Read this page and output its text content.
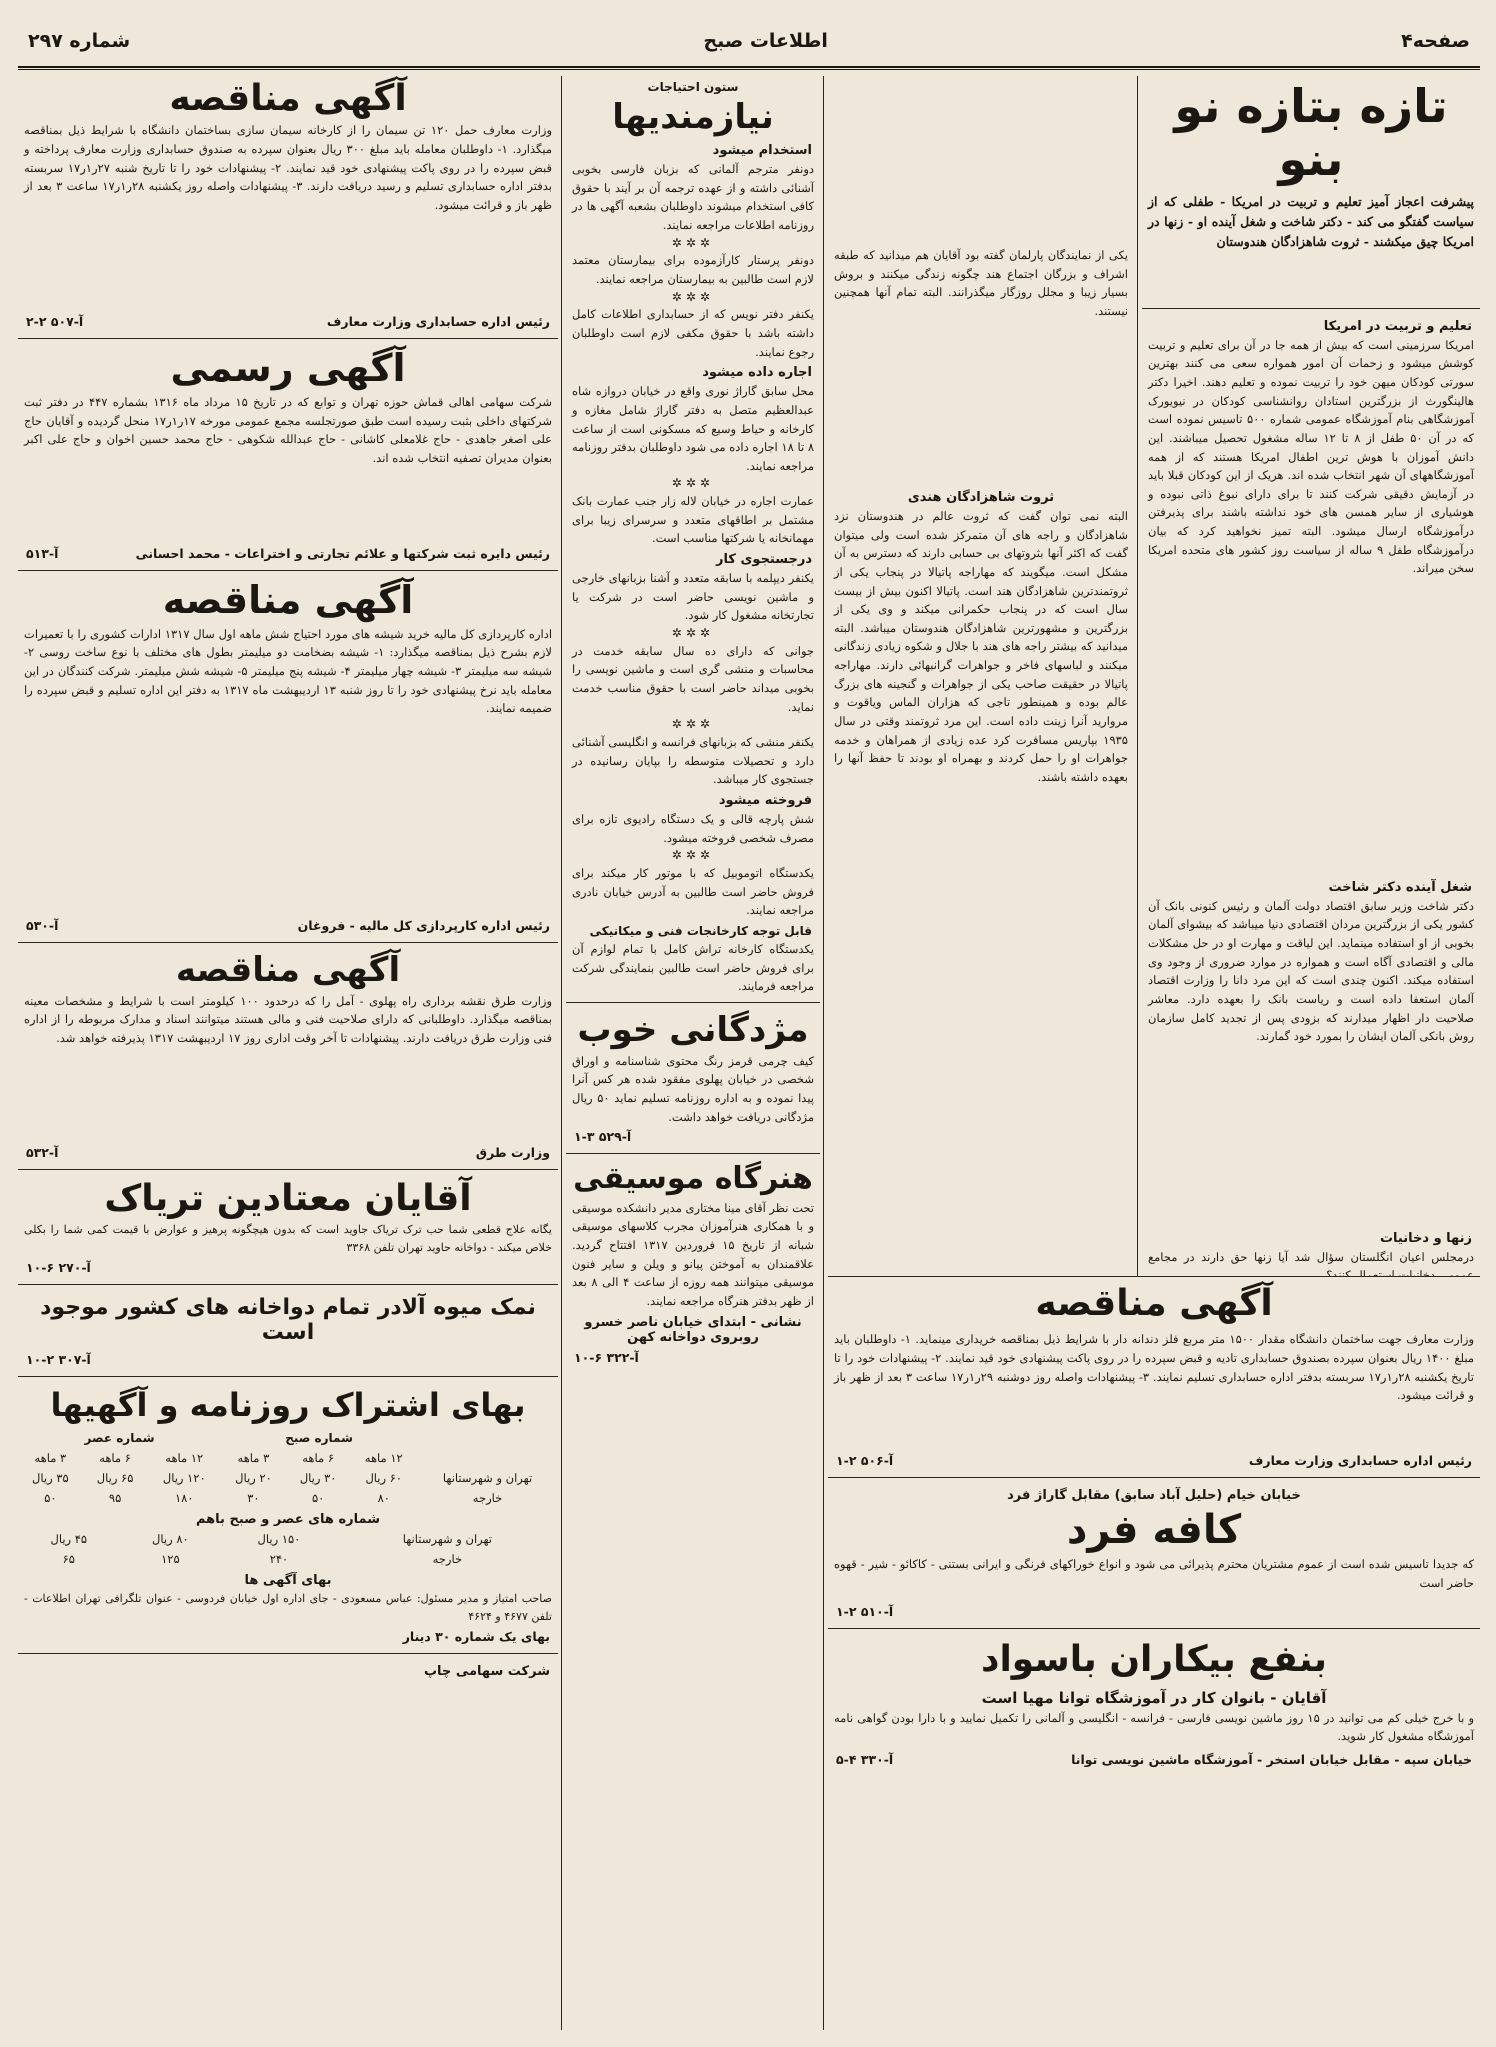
صفحه۴
اطلاعات صبح
شماره ۲۹۷
تازه بتازه نو بنو
پیشرفت اعجاز آمیز تعلیم و تربیت در امریکا - طفلی که از سیاست گفتگو می کند - دکتر شاخت و شغل آینده او - زنها در امریکا چیق میکشند - ثروت شاهزادگان هندوستان
تعلیم و تربیت در امریکا
امریکا سرزمینی است که بیش از همه جا در آن برای تعلیم و تربیت کوشش میشود و زحمات آن امور همواره سعی می کنند بهترین سورتی کودکان میهن خود را تربیت نموده و تعلیم دهند. اخیرا دکتر هالینگورث از بزرگترین استادان روانشناسی کودکان در نیویورک آموزشگاهی بنام آموزشگاه عمومی شماره ۵۰۰ تاسیس نموده است که در آن ۵۰ طفل از ۸ تا ۱۲ ساله مشغول تحصیل میباشند. این دانش آموزان با هوش ترین اطفال امریکا هستند که از همه آموزشگاههای آن شهر انتخاب شده اند. هریک از این کودکان قبلا باید در آزمایش دقیقی شرکت کنند تا برای دارای نبوغ ذاتی نبوده و هوشیاری از سایر همسن های خود نداشته باشند برای پذیرفتن درآموزشگاه ارسال میشود. البته تمیز نخواهید کرد که بیان درآموزشگاه طفل ۹ ساله از سیاست روز کشور های متحده امریکا سخن میراند.
شغل آینده دکتر شاخت
دکتر شاخت وزیر سابق اقتصاد دولت آلمان و رئیس کنونی بانک آن کشور یکی از بزرگترین مردان اقتصادی دنیا میباشد که بیشوای آلمان بخوبی از او استفاده مینماید. این لیاقت و مهارت او در حل مشکلات مالی و اقتصادی آگاه است و همواره در موارد ضروری از وجود وی استفاده میکند. اکنون چندی است که این مرد دانا را وزارت اقتصاد آلمان استعفا داده است و ریاست بانک را بعهده دارد. معاشر صلاحیت دار اظهار میدارند که بزودی پس از تجدید کامل سازمان روش بانکی آلمان ایشان را بمورد خود گمارند.
زنها و دخانیات
درمجلس اعیان انگلستان سؤال شد آیا زنها حق دارند در مجامع
یکی از نمایندگان پارلمان گفته بود آقایان هم میدانید که طبقه اشراف و بزرگان اجتماع هند چگونه زندگی میکنند و بروش بسیار زیبا و مجلل روزگار میگذرانند. البته تمام آنها همچنین نیستند.
ثروت شاهزادگان هندی
البته نمی توان گفت که ثروت عالم در هندوستان نزد شاهزادگان و راجه های آن متمرکز شده است ولی میتوان گفت که اکثر آنها بثروتهای بی حسابی دارند که دسترس به آن مشکل است. میگویند که مهاراجه پاتیالا در پنجاب یکی از ثروتمندترین شاهزادگان هند است. پاتیالا اکنون بیش از بیست سال است که در پنجاب حکمرانی میکند و وی یکی از بزرگترین و مشهورترین شاهزادگان هندوستان میباشد. البته میدانید که بیشتر راجه های هند با جلال و شکوه زیادی زندگانی میکنند و لباسهای فاخر و جواهرات گرانبهائی دارند. مهاراجه پاتیالا در حقیقت صاحب یکی از جواهرات و گنجینه های بزرگ عالم بوده و همینطور تاجی که هزاران الماس ویاقوت و مروارید آنرا زینت داده است. این مرد ثروتمند وقتی در سال ۱۹۳۵ بپاریس مسافرت کرد عده زیادی از همراهان و خدمه جواهرات او را حمل کردند و بهمراه او بودند تا حفظ آنها را بعهده داشته باشند.
آگهی مناقصه
وزارت معارف جهت ساختمان دانشگاه مقدار ۱۵۰۰ متر مربع فلز دندانه دار با شرایط ذیل بمناقصه خریداری مینماید. ۱- داوطلبان باید مبلغ ۱۴۰۰ ریال بعنوان سپرده بصندوق حسابداری تادیه و قبض سپرده را در روی پاکت پیشنهادی خود قید نمایند. ۲- پیشنهادات خود را تا تاریخ یکشنبه ۲۸ر۱ر۱۷ سربسته بدفتر اداره حسابداری تسلیم نمایند. ۳- پیشنهادات واصله روز دوشنبه ۲۹ر۱ر۱۷ ساعت ۳ بعد از ظهر باز و قرائت میشود.
رئیس اداره حسابداری وزارت معارف
آ-۵۰۶ ۲-۱
خیابان خیام (حلیل آباد سابق) مقابل گاراژ فرد
کافه فرد
که جدیدا تاسیس شده است از عموم مشتریان محترم پذیرائی می شود و انواع خوراکهای فرنگی و ایرانی بستنی - کاکائو - شیر - قهوه حاضر است
آ-۵۱۰ ۲-۱
بنفع بیکاران باسواد
آقایان - بانوان کار در آموزشگاه توانا مهیا است
و با خرج خیلی کم می توانید در ۱۵ روز ماشین نویسی فارسی - فرانسه - انگلیسی و آلمانی را تکمیل نمایید و با دارا بودن گواهی نامه آموزشگاه مشغول کار شوید.
خیابان سپه - مقابل خیابان استخر - آموزشگاه ماشین نویسی توانا
آ-۳۳۰ ۴-۵
ستون احتیاجات
نیازمندیها
استخدام میشود
دونفر مترجم آلمانی که بزبان فارسی بخوبی آشنائی داشته و از عهده ترجمه آن بر آیند با حقوق کافی استخدام میشوند داوطلبان بشعبه آگهی ها در روزنامه اطلاعات مراجعه نمایند.
✲✲✲
دونفر پرستار کارآزموده برای بیمارستان معتمد لازم است طالبین به بیمارستان مراجعه نمایند.
✲✲✲
یکنفر دفتر نویس که از حسابداری اطلاعات کامل داشته باشد با حقوق مکفی لازم است داوطلبان رجوع نمایند.
اجاره داده میشود
محل سابق گاراژ نوری واقع در خیابان دروازه شاه عبدالعظیم متصل به دفتر گاراژ شامل مغازه و کارخانه و حیاط وسیع که مسکونی است از ساعت ۸ تا ۱۸ اجاره داده می شود داوطلبان بدفتر روزنامه مراجعه نمایند.
✲✲✲
عمارت اجاره در خیابان لاله زار جنب عمارت بانک مشتمل بر اطاقهای متعدد و سرسرای زیبا برای مهمانخانه یا شرکتها مناسب است.
درجستجوی کار
یکنفر دیپلمه با سابقه متعدد و آشنا بزبانهای خارجی و ماشین نویسی حاضر است در شرکت یا تجارتخانه مشغول کار شود.
✲✲✲
جوانی که دارای ده سال سابقه خدمت در محاسبات و منشی گری است و ماشین نویسی را بخوبی میداند حاضر است با حقوق مناسب خدمت نماید.
✲✲✲
یکنفر منشی که بزبانهای فرانسه و انگلیسی آشنائی دارد و تحصیلات متوسطه را بپایان رسانیده در جستجوی کار میباشد.
فروخته میشود
شش پارچه قالی و یک دستگاه رادیوی تازه برای مصرف شخصی فروخته میشود.
✲✲✲
یکدستگاه اتوموبیل که با موتور کار میکند برای فروش حاضر است طالبین به آدرس خیابان نادری مراجعه نمایند.
قابل توجه کارخانجات فنی و میکانیکی
یکدستگاه کارخانه تراش کامل با تمام لوازم آن برای فروش حاضر است طالبین بنمایندگی شرکت مراجعه فرمایند.
مژدگانی خوب
کیف چرمی قرمز رنگ محتوی شناسنامه و اوراق شخصی در خیابان پهلوی مفقود شده هر کس آنرا پیدا نموده و به اداره روزنامه تسلیم نماید ۵۰ ریال مژدگانی دریافت خواهد داشت.
آ-۵۲۹ ۳-۱
هنرگاه موسیقی
تحت نظر آقای مینا مختاری مدیر دانشکده موسیقی و با همکاری هنرآموزان مجرب کلاسهای موسیقی شبانه از تاریخ ۱۵ فروردین ۱۳۱۷ افتتاح گردید. علاقمندان به آموختن پیانو و ویلن و سایر فنون موسیقی میتوانند همه روزه از ساعت ۴ الی ۸ بعد از ظهر بدفتر هنرگاه مراجعه نمایند.
نشانی - ابتدای خیابان ناصر خسرو روبروی دواخانه کهن
آ-۳۲۲ ۶-۱۰
آگهی مناقصه
وزارت معارف حمل ۱۲۰ تن سیمان را از کارخانه سیمان سازی بساختمان دانشگاه با شرایط ذیل بمناقصه میگذارد. ۱- داوطلبان معامله باید مبلغ ۳۰۰ ریال بعنوان سپرده به صندوق حسابداری وزارت معارف پرداخته و قبض سپرده را در روی پاکت پیشنهادی خود قید نمایند. ۲- پیشنهادات خود را تا تاریخ شنبه ۲۷ر۱ر۱۷ سربسته بدفتر اداره حسابداری تسلیم و رسید دریافت دارند. ۳- پیشنهادات واصله روز یکشنبه ۲۸ر۱ر۱۷ ساعت ۳ بعد از ظهر باز و قرائت میشود.
رئیس اداره حسابداری وزارت معارف
آ-۵۰۷ ۲-۲
آگهی رسمی
شرکت سهامی اهالی قماش حوزه تهران و توابع که در تاریخ ۱۵ مرداد ماه ۱۳۱۶ بشماره ۴۴۷ در دفتر ثبت شرکتهای داخلی بثبت رسیده است طبق صورتجلسه مجمع عمومی مورخه ۱۷ر۱ر۱۷ منحل گردیده و آقایان حاج علی اصغر جاهدی - حاج غلامعلی کاشانی - حاج عبدالله شکوهی - حاج محمد حسین اخوان و حاج علی اکبر بعنوان مدیران تصفیه انتخاب شده اند.
رئیس دایره ثبت شرکتها و علائم تجارتی و اختراعات - محمد احسانی
آ-۵۱۳
آگهی مناقصه
اداره کارپردازی کل مالیه خرید شیشه های مورد احتیاج شش ماهه اول سال ۱۳۱۷ ادارات کشوری را با تعمیرات لازم بشرح ذیل بمناقصه میگذارد: ۱- شیشه بضخامت دو میلیمتر بطول های مختلف با نوع ساخت روسی ۲- شیشه سه میلیمتر ۳- شیشه چهار میلیمتر ۴- شیشه پنج میلیمتر ۵- شیشه شش میلیمتر. شرکت کنندگان در این معامله باید نرخ پیشنهادی خود را تا روز شنبه ۱۳ اردیبهشت ماه ۱۳۱۷ به دفتر این اداره تسلیم و قبض سپرده را ضمیمه نمایند.
رئیس اداره کارپردازی کل مالیه - فروغان
آ-۵۳۰
آگهی مناقصه
وزارت طرق نقشه برداری راه پهلوی - آمل را که درحدود ۱۰۰ کیلومتر است با شرایط و مشخصات معینه بمناقصه میگذارد. داوطلبانی که دارای صلاحیت فنی و مالی هستند میتوانند اسناد و مدارک مربوطه را از اداره فنی وزارت طرق دریافت دارند. پیشنهادات تا آخر وقت اداری روز ۱۷ اردیبهشت ۱۳۱۷ پذیرفته خواهد شد.
وزارت طرق
آ-۵۳۲
آقایان معتادین تریاک
یگانه علاج قطعی شما حب ترک تریاک جاوید است که بدون هیچگونه پرهیز و عوارض با قیمت کمی شما را بکلی خلاص میکند - دواخانه حاوید تهران تلفن ۳۳۶۸
آ-۲۷۰ ۶-۱۰
نمک میوه آلادر تمام دواخانه های کشور موجود است
آ-۳۰۷ ۲-۱۰
بهای اشتراک روزنامه و آگهیها
	شماره صبح			شماره عصر		
	۱۲ ماهه	۶ ماهه	۳ ماهه	۱۲ ماهه	۶ ماهه	۳ ماهه
تهران و شهرستانها	۶۰ ریال	۳۰ ریال	۲۰ ریال	۱۲۰ ریال	۶۵ ریال	۳۵ ریال
خارجه	۸۰	۵۰	۳۰	۱۸۰	۹۵	۵۰
شماره های عصر و صبح باهم
تهران و شهرستانها	۱۵۰ ریال	۸۰ ریال	۴۵ ریال
خارجه	۲۴۰	۱۲۵	۶۵
بهای آگهی ها
صاحب امتیاز و مدیر مسئول: عباس مسعودی - جای اداره اول خیابان فردوسی - عنوان تلگرافی تهران اطلاعات - تلفن ۴۶۷۷ و ۴۶۲۴
بهای یک شماره ۳۰ دینار
شرکت سهامی چاپ
